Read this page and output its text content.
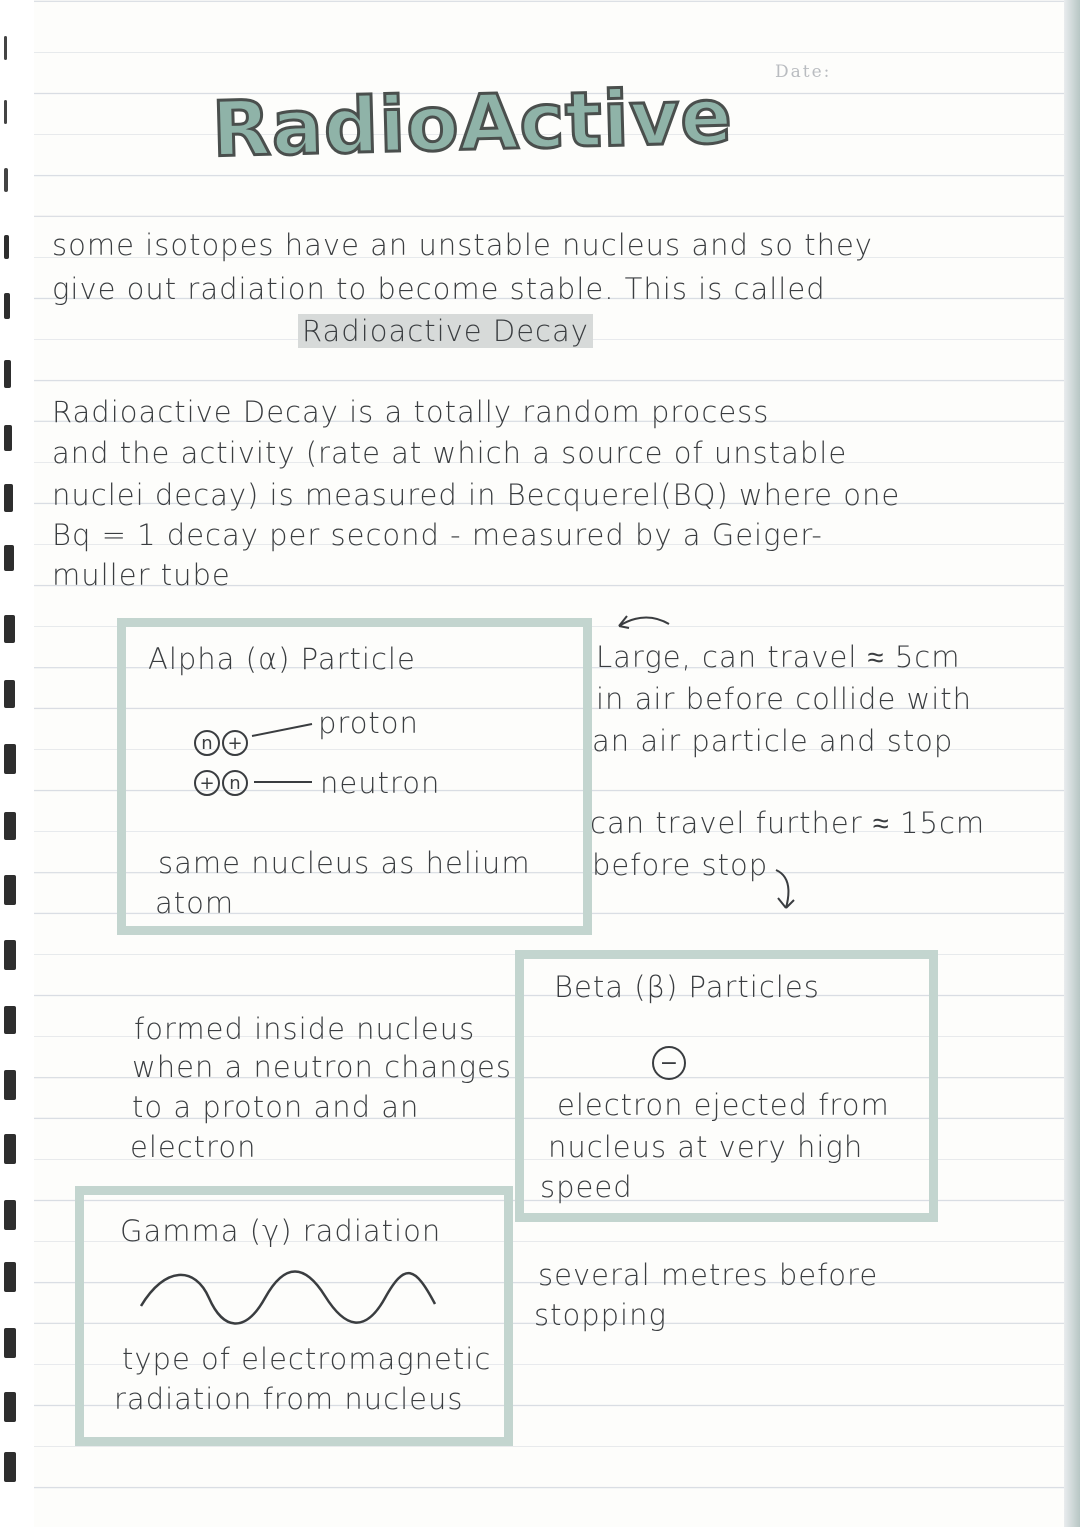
Date:
RadioActive
some isotopes have an unstable nucleus and so they
give out radiation to become stable. This is called
Radioactive Decay
Radioactive Decay is a totally random process
and the activity (rate at which a source of unstable
nuclei decay) is measured in Becquerel(BQ) where one
Bq = 1 decay per second - measured by a Geiger-
muller tube
Alpha (α) Particle
n +
+ n
proton
neutron
same nucleus as helium
atom
Large, can travel ≈ 5cm
in air before collide with
an air particle and stop
can travel further ≈ 15cm
before stop
Beta (β) Particles
−
electron ejected from
nucleus at very high
speed
formed inside nucleus
when a neutron changes
to a proton and an
electron
Gamma (γ) radiation
type of electromagnetic
radiation from nucleus
several metres before
stopping
